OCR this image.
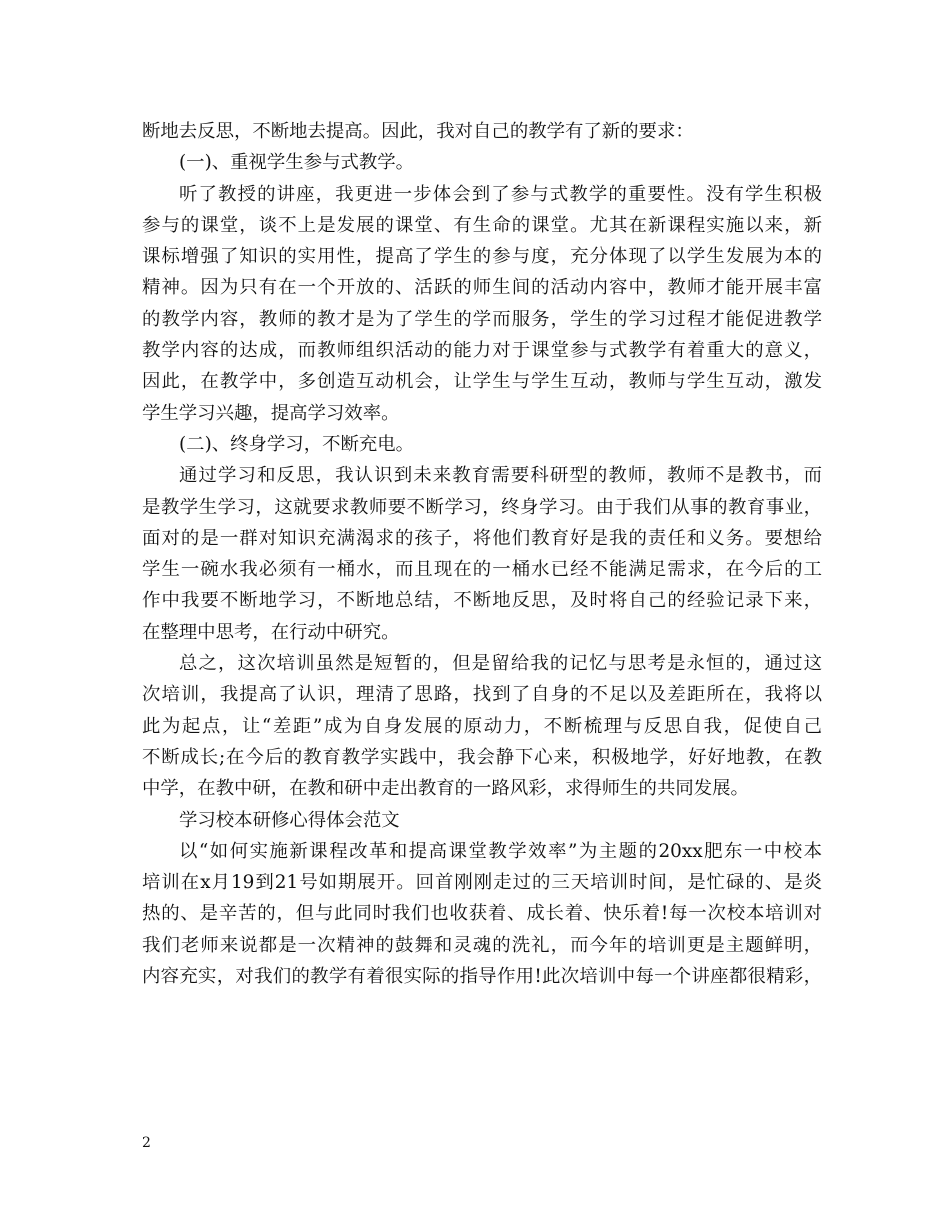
断地去反思，不断地去提高。因此，我对自己的教学有了新的要求：
(一)、重视学生参与式教学。
听了教授的讲座，我更进一步体会到了参与式教学的重要性。没有学生积极
参与的课堂，谈不上是发展的课堂、有生命的课堂。尤其在新课程实施以来，新
课标增强了知识的实用性，提高了学生的参与度，充分体现了以学生发展为本的
精神。因为只有在一个开放的、活跃的师生间的活动内容中，教师才能开展丰富
的教学内容，教师的教才是为了学生的学而服务，学生的学习过程才能促进教学
教学内容的达成，而教师组织活动的能力对于课堂参与式教学有着重大的意义，
因此，在教学中，多创造互动机会，让学生与学生互动，教师与学生互动，激发
学生学习兴趣，提高学习效率。
(二)、终身学习，不断充电。
通过学习和反思，我认识到未来教育需要科研型的教师，教师不是教书，而
是教学生学习，这就要求教师要不断学习，终身学习。由于我们从事的教育事业，
面对的是一群对知识充满渴求的孩子，将他们教育好是我的责任和义务。要想给
学生一碗水我必须有一桶水，而且现在的一桶水已经不能满足需求，在今后的工
作中我要不断地学习，不断地总结，不断地反思，及时将自己的经验记录下来，
在整理中思考，在行动中研究。
总之，这次培训虽然是短暂的，但是留给我的记忆与思考是永恒的，通过这
次培训，我提高了认识，理清了思路，找到了自身的不足以及差距所在，我将以
此为起点，让“差距”成为自身发展的原动力，不断梳理与反思自我，促使自己
不断成长;在今后的教育教学实践中，我会静下心来，积极地学，好好地教，在教
中学，在教中研，在教和研中走出教育的一路风彩，求得师生的共同发展。
学习校本研修心得体会范文
以“如何实施新课程改革和提高课堂教学效率”为主题的20xx肥东一中校本
培训在x月19到21号如期展开。回首刚刚走过的三天培训时间，是忙碌的、是炎
热的、是辛苦的，但与此同时我们也收获着、成长着、快乐着!每一次校本培训对
我们老师来说都是一次精神的鼓舞和灵魂的洗礼，而今年的培训更是主题鲜明，
内容充实，对我们的教学有着很实际的指导作用!此次培训中每一个讲座都很精彩，
2
